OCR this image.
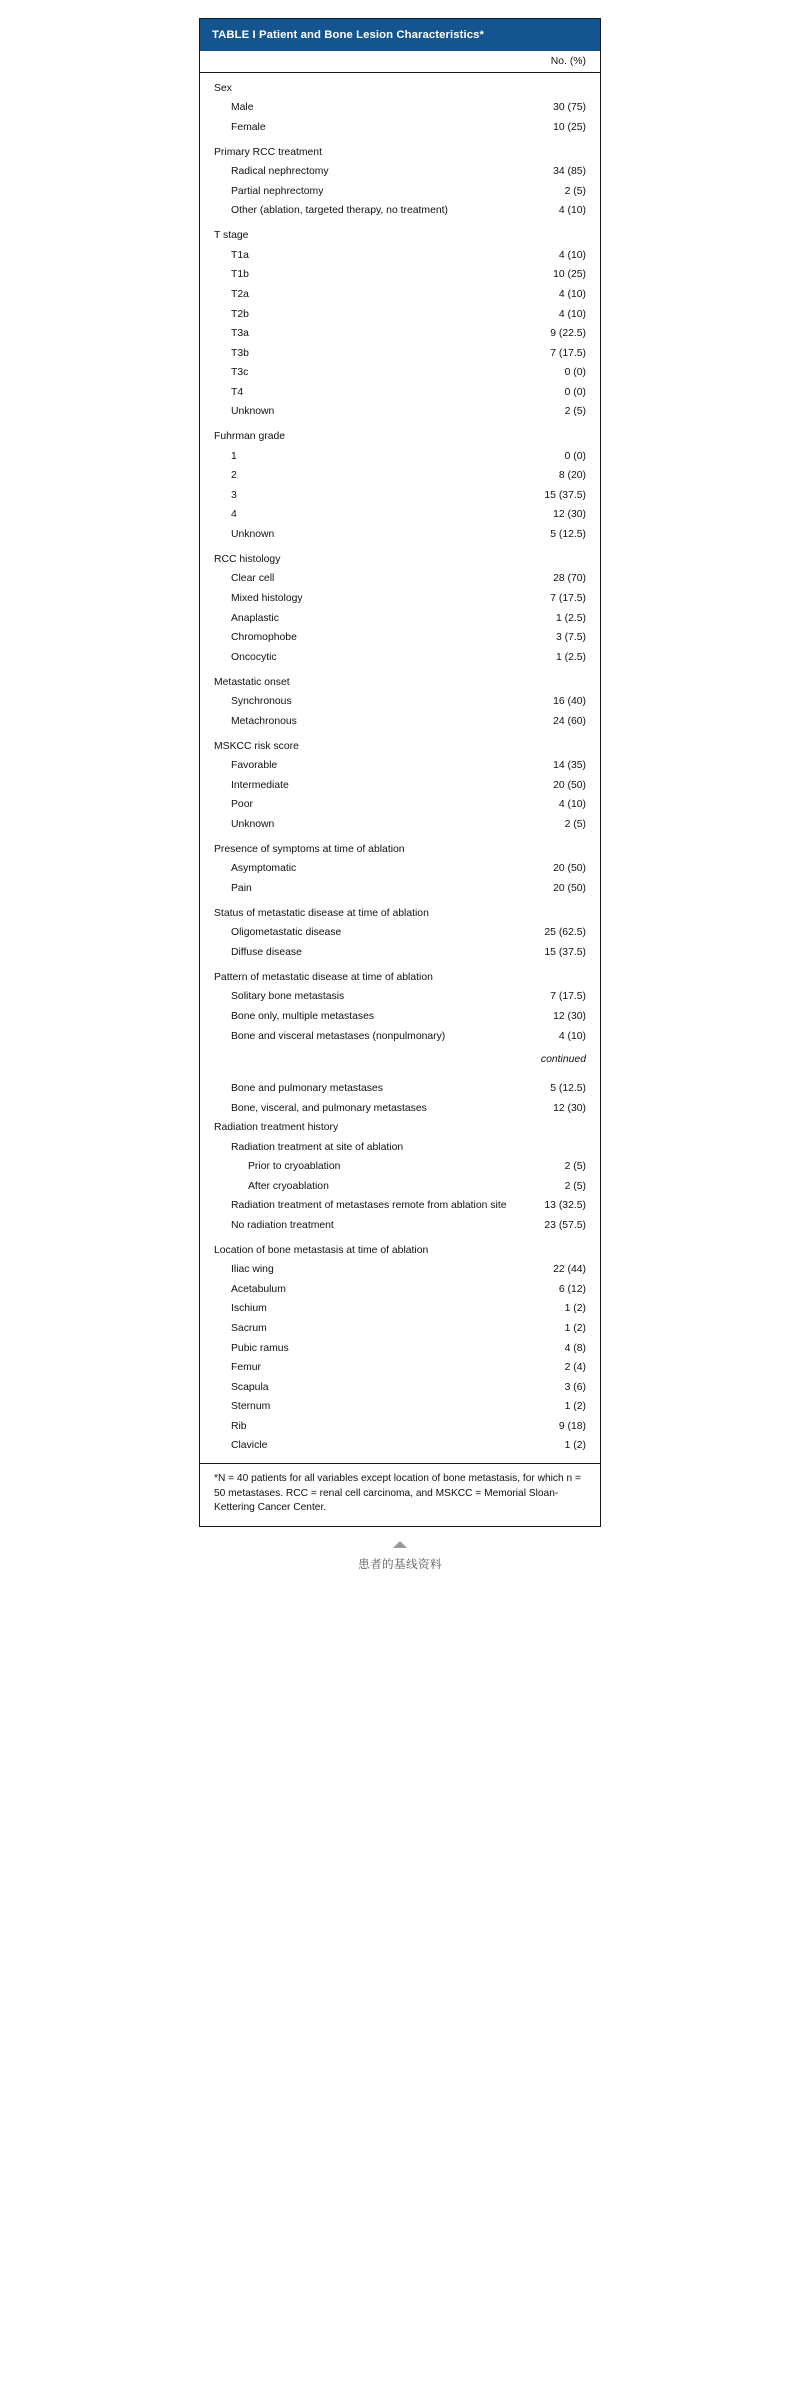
TABLE I Patient and Bone Lesion Characteristics*
No. (%)
Sex
Male	30 (75)
Female	10 (25)
Primary RCC treatment
Radical nephrectomy	34 (85)
Partial nephrectomy	2 (5)
Other (ablation, targeted therapy, no treatment)	4 (10)
T stage
T1a	4 (10)
T1b	10 (25)
T2a	4 (10)
T2b	4 (10)
T3a	9 (22.5)
T3b	7 (17.5)
T3c	0 (0)
T4	0 (0)
Unknown	2 (5)
Fuhrman grade
1	0 (0)
2	8 (20)
3	15 (37.5)
4	12 (30)
Unknown	5 (12.5)
RCC histology
Clear cell	28 (70)
Mixed histology	7 (17.5)
Anaplastic	1 (2.5)
Chromophobe	3 (7.5)
Oncocytic	1 (2.5)
Metastatic onset
Synchronous	16 (40)
Metachronous	24 (60)
MSKCC risk score
Favorable	14 (35)
Intermediate	20 (50)
Poor	4 (10)
Unknown	2 (5)
Presence of symptoms at time of ablation
Asymptomatic	20 (50)
Pain	20 (50)
Status of metastatic disease at time of ablation
Oligometastatic disease	25 (62.5)
Diffuse disease	15 (37.5)
Pattern of metastatic disease at time of ablation
Solitary bone metastasis	7 (17.5)
Bone only, multiple metastases	12 (30)
Bone and visceral metastases (nonpulmonary)	4 (10)
continued
Bone and pulmonary metastases	5 (12.5)
Bone, visceral, and pulmonary metastases	12 (30)
Radiation treatment history
Radiation treatment at site of ablation
Prior to cryoablation	2 (5)
After cryoablation	2 (5)
Radiation treatment of metastases remote from ablation site	13 (32.5)
No radiation treatment	23 (57.5)
Location of bone metastasis at time of ablation
Iliac wing	22 (44)
Acetabulum	6 (12)
Ischium	1 (2)
Sacrum	1 (2)
Pubic ramus	4 (8)
Femur	2 (4)
Scapula	3 (6)
Sternum	1 (2)
Rib	9 (18)
Clavicle	1 (2)
*N = 40 patients for all variables except location of bone metastasis, for which n = 50 metastases. RCC = renal cell carcinoma, and MSKCC = Memorial Sloan-Kettering Cancer Center.
患者的基线资料
